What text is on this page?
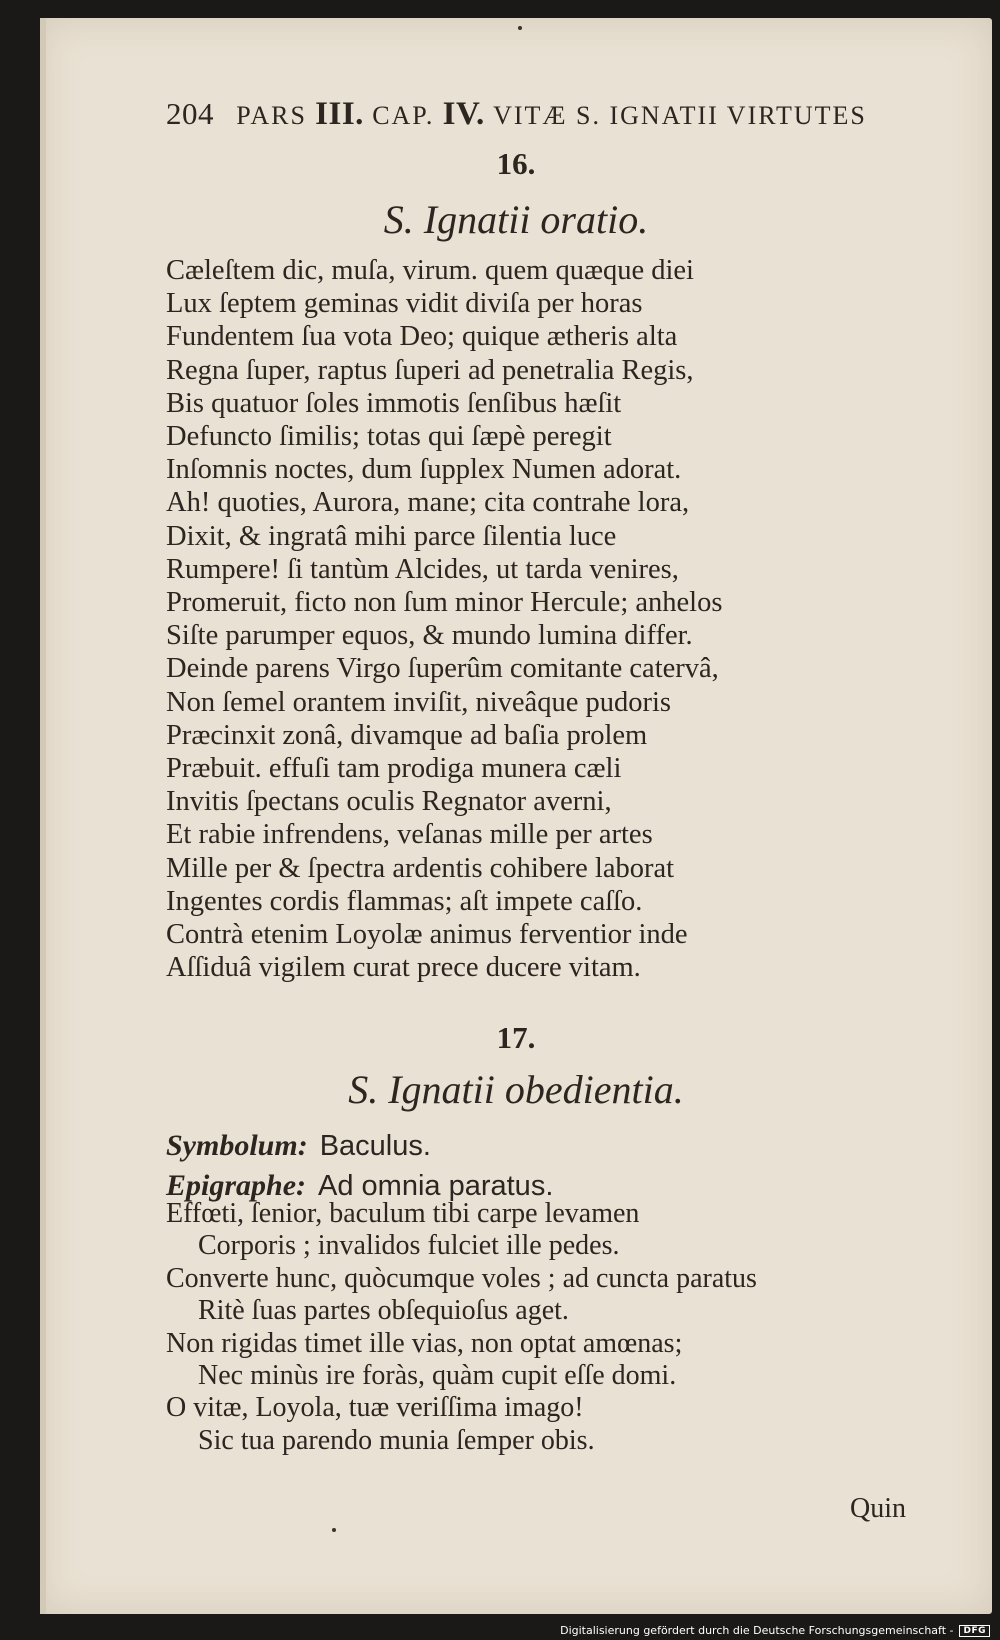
204 PARS III. CAP. IV. VITÆ S. IGNATII VIRTUTES
16.
S. Ignatii oratio.
Cæleſtem dic, muſa, virum. quem quæque diei
Lux ſeptem geminas vidit diviſa per horas
Fundentem ſua vota Deo; quique ætheris alta
Regna ſuper, raptus ſuperi ad penetralia Regis,
Bis quatuor ſoles immotis ſenſibus hæſit
Defuncto ſimilis; totas qui ſæpè peregit
Inſomnis noctes, dum ſupplex Numen adorat.
Ah! quoties, Aurora, mane; cita contrahe lora,
Dixit, & ingratâ mihi parce ſilentia luce
Rumpere! ſi tantùm Alcides, ut tarda venires,
Promeruit, ficto non ſum minor Hercule; anhelos
Siſte parumper equos, & mundo lumina differ.
Deinde parens Virgo ſuperûm comitante catervâ,
Non ſemel orantem inviſit, niveâque pudoris
Præcinxit zonâ, divamque ad baſia prolem
Præbuit. effuſi tam prodiga munera cæli
Invitis ſpectans oculis Regnator averni,
Et rabie infrendens, veſanas mille per artes
Mille per & ſpectra ardentis cohibere laborat
Ingentes cordis flammas; aſt impete caſſo.
Contrà etenim Loyolæ animus ferventior inde
Aſſiduâ vigilem curat prece ducere vitam.
17.
S. Ignatii obedientia.
Symbolum: Baculus.
Epigraphe: Ad omnia paratus.
Effœti, ſenior, baculum tibi carpe levamen
Corporis ; invalidos fulciet ille pedes.
Converte hunc, quòcumque voles ; ad cuncta paratus
Ritè ſuas partes obſequioſus aget.
Non rigidas timet ille vias, non optat amœnas;
Nec minùs ire foràs, quàm cupit eſſe domi.
O vitæ, Loyola, tuæ veriſſima imago!
Sic tua parendo munia ſemper obis.
Quin
Digitalisierung gefördert durch die Deutsche Forschungsgemeinschaft -	DFG
